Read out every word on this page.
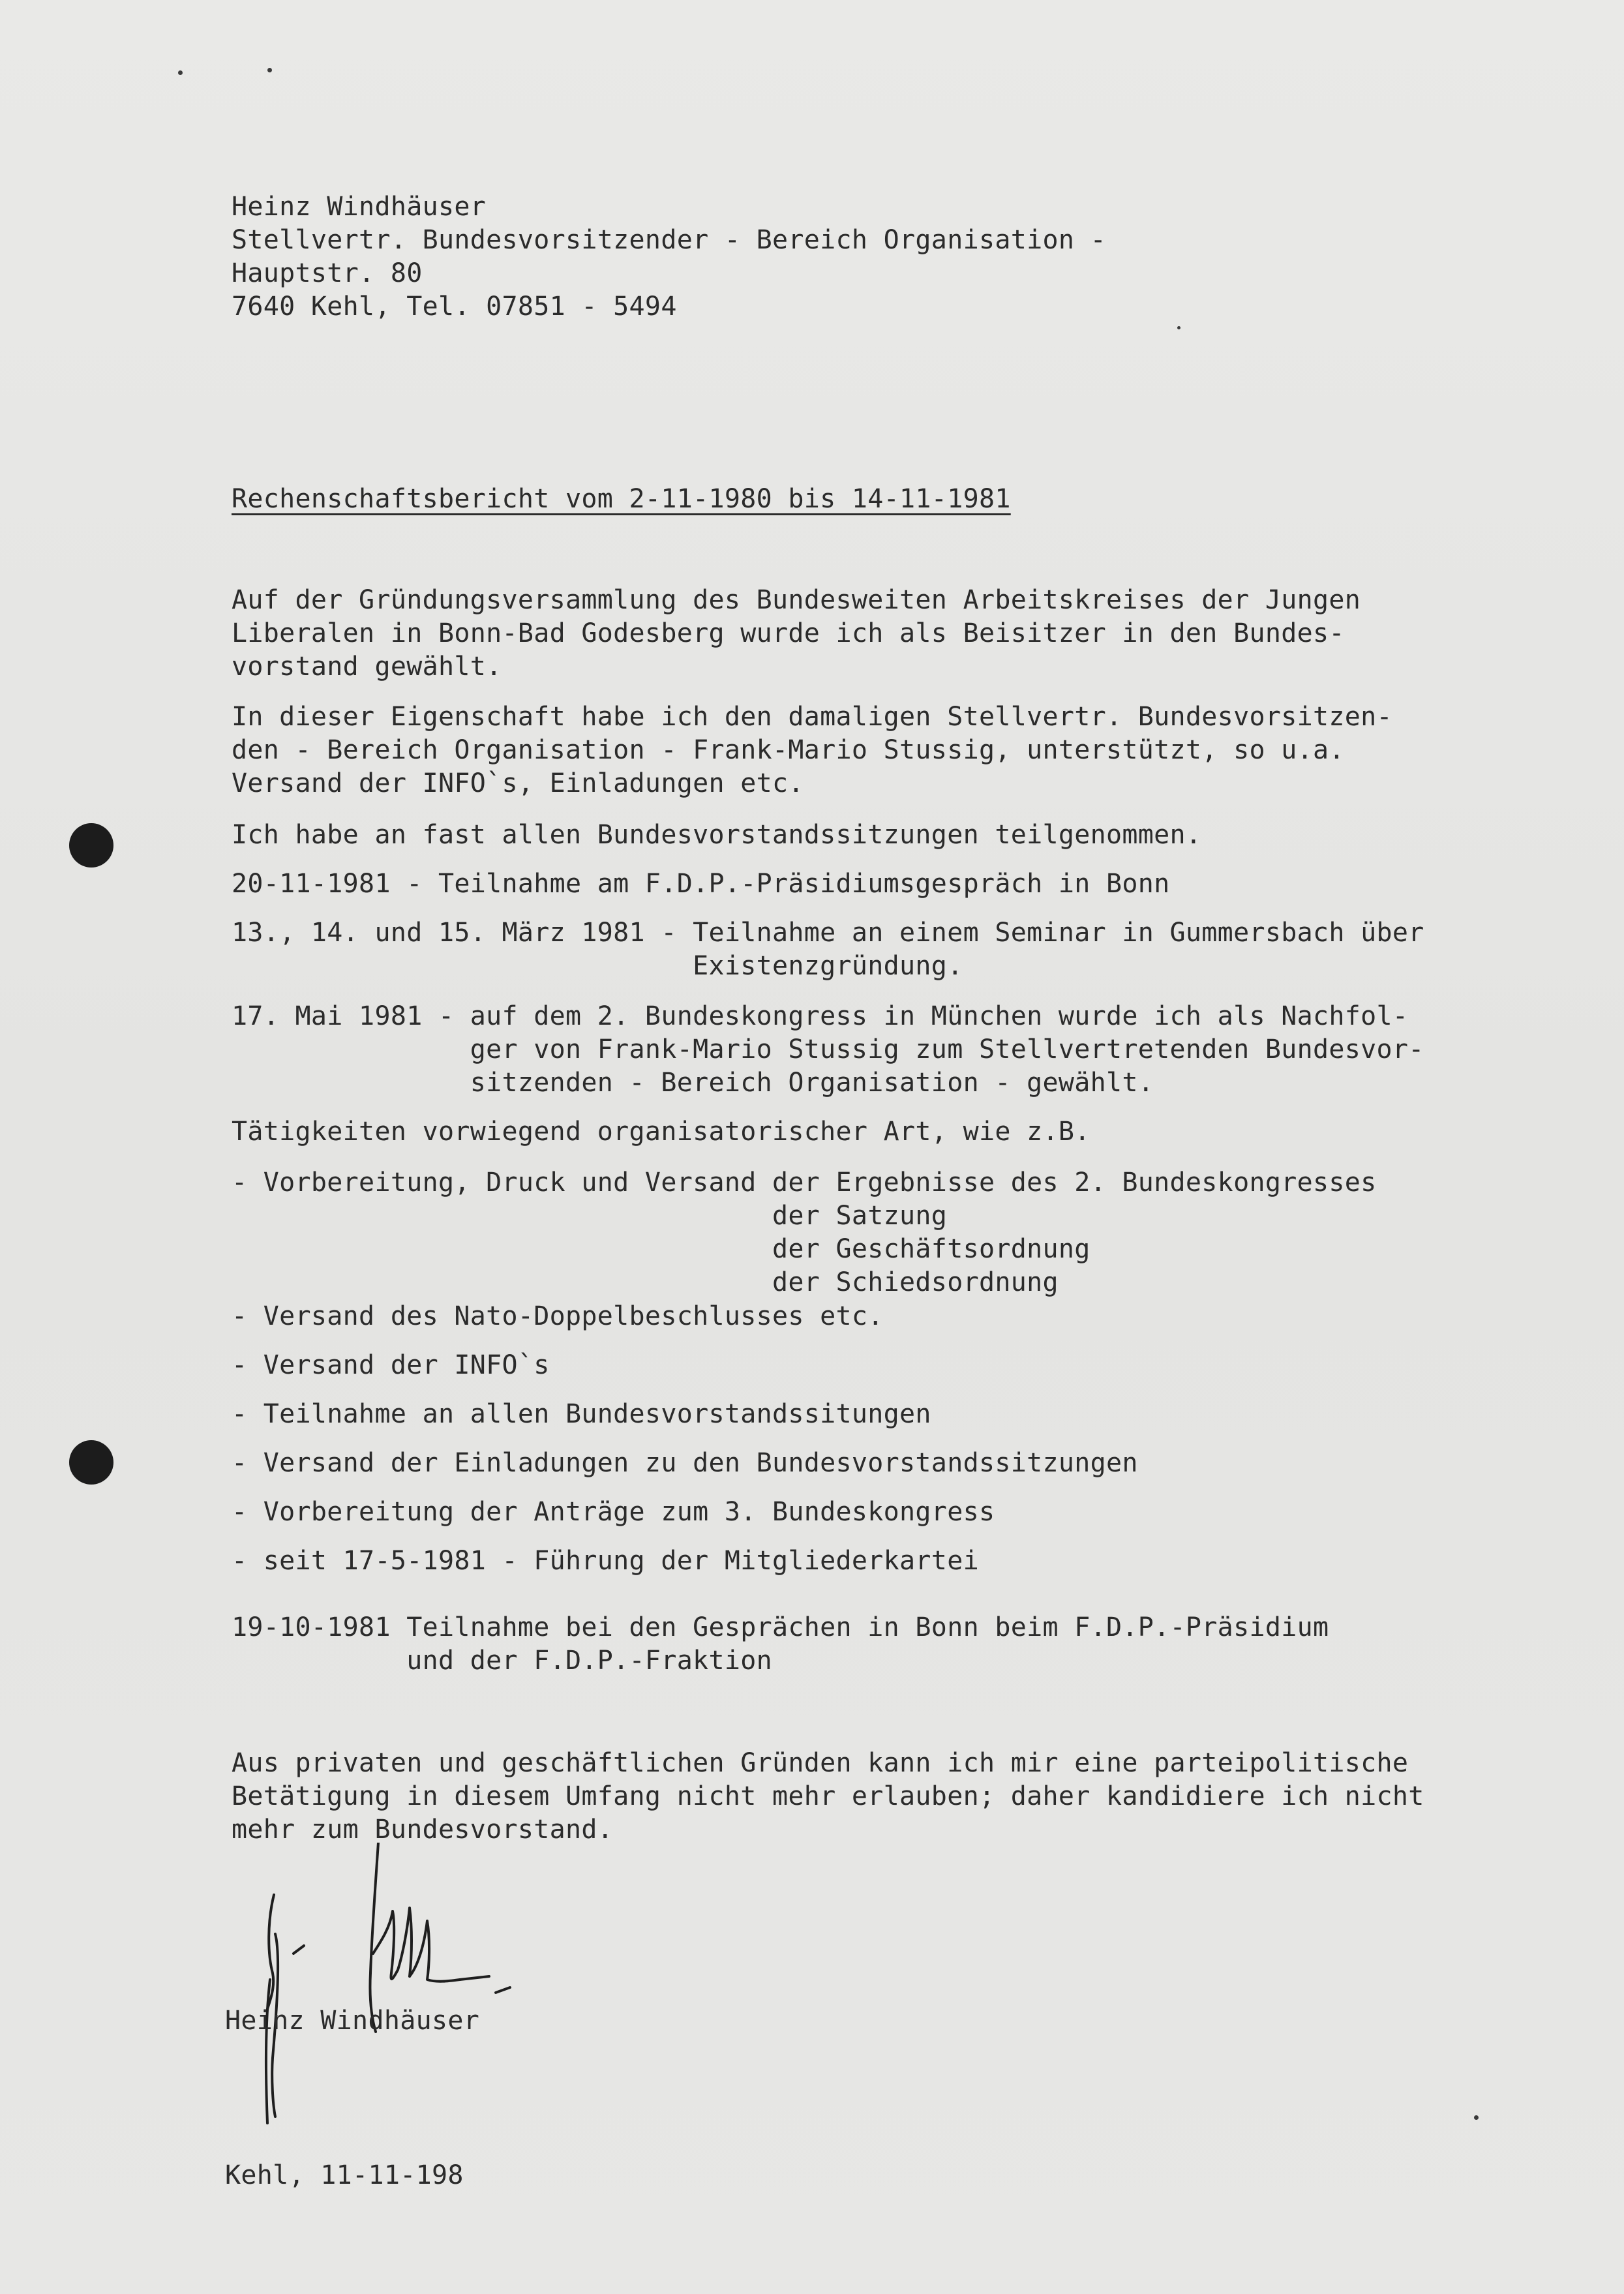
Heinz Windhäuser

Stellvertr. Bundesvorsitzender - Bereich Organisation -

Hauptstr. 80

7640 Kehl, Tel. 07851 - 5494

Rechenschaftsbericht vom 2-11-1980 bis 14-11-1981

Auf der Gründungsversammlung des Bundesweiten Arbeitskreises der Jungen

Liberalen in Bonn-Bad Godesberg wurde ich als Beisitzer in den Bundes-

vorstand gewählt.

In dieser Eigenschaft habe ich den damaligen Stellvertr. Bundesvorsitzen-

den - Bereich Organisation - Frank-Mario Stussig, unterstützt, so u.a.

Versand der INFO`s, Einladungen etc.

Ich habe an fast allen Bundesvorstandssitzungen teilgenommen.

20-11-1981 - Teilnahme am F.D.P.-Präsidiumsgespräch in Bonn

13., 14. und 15. März 1981 - Teilnahme an einem Seminar in Gummersbach über

Existenzgründung.

17. Mai 1981 - auf dem 2. Bundeskongress in München wurde ich als Nachfol-

ger von Frank-Mario Stussig zum Stellvertretenden Bundesvor-

sitzenden - Bereich Organisation - gewählt.

Tätigkeiten vorwiegend organisatorischer Art, wie z.B.

- Vorbereitung, Druck und Versand der Ergebnisse des 2. Bundeskongresses

der Satzung

der Geschäftsordnung

der Schiedsordnung

- Versand des Nato-Doppelbeschlusses etc.

- Versand der INFO`s

- Teilnahme an allen Bundesvorstandssitungen

- Versand der Einladungen zu den Bundesvorstandssitzungen

- Vorbereitung der Anträge zum 3. Bundeskongress

- seit 17-5-1981 - Führung der Mitgliederkartei

19-10-1981 Teilnahme bei den Gesprächen in Bonn beim F.D.P.-Präsidium

und der F.D.P.-Fraktion

Aus privaten und geschäftlichen Gründen kann ich mir eine parteipolitische

Betätigung in diesem Umfang nicht mehr erlauben; daher kandidiere ich nicht

mehr zum Bundesvorstand.

Heinz Windhäuser

Kehl, 11-11-198
